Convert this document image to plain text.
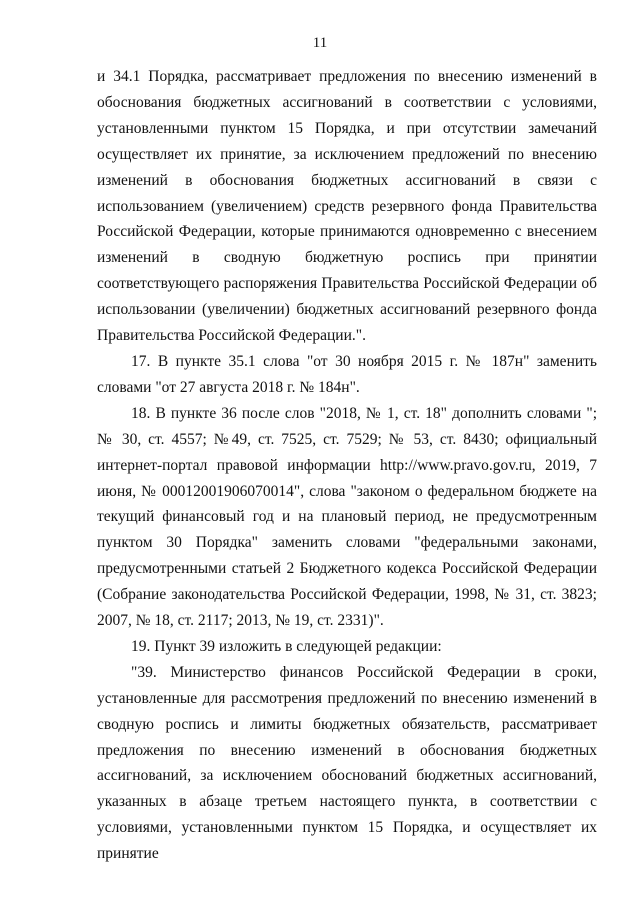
11

и 34.1 Порядка, рассматривает предложения по внесению изменений в обоснования бюджетных ассигнований в соответствии с условиями, установленными пунктом 15 Порядка, и при отсутствии замечаний осуществляет их принятие, за исключением предложений по внесению изменений в обоснования бюджетных ассигнований в связи с использованием (увеличением) средств резервного фонда Правительства Российской Федерации, которые принимаются одновременно с внесением изменений в сводную бюджетную роспись при принятии соответствующего распоряжения Правительства Российской Федерации об использовании (увеличении) бюджетных ассигнований резервного фонда Правительства Российской Федерации.".

17. В пункте 35.1 слова "от 30 ноября 2015 г. № 187н" заменить словами "от 27 августа 2018 г. № 184н".

18. В пункте 36 после слов "2018, № 1, ст. 18" дополнить словами "; № 30, ст. 4557; №49, ст. 7525, ст. 7529; № 53, ст. 8430; официальный интернет-портал правовой информации http://www.pravo.gov.ru, 2019, 7 июня, № 00012001906070014", слова "законом о федеральном бюджете на текущий финансовый год и на плановый период, не предусмотренным пунктом 30 Порядка" заменить словами "федеральными законами, предусмотренными статьей 2 Бюджетного кодекса Российской Федерации (Собрание законодательства Российской Федерации, 1998, № 31, ст. 3823; 2007, № 18, ст. 2117; 2013, № 19, ст. 2331)".

19. Пункт 39 изложить в следующей редакции:

"39. Министерство финансов Российской Федерации в сроки, установленные для рассмотрения предложений по внесению изменений в сводную роспись и лимиты бюджетных обязательств, рассматривает предложения по внесению изменений в обоснования бюджетных ассигнований, за исключением обоснований бюджетных ассигнований, указанных в абзаце третьем настоящего пункта, в соответствии с условиями, установленными пунктом 15 Порядка, и осуществляет их принятие
